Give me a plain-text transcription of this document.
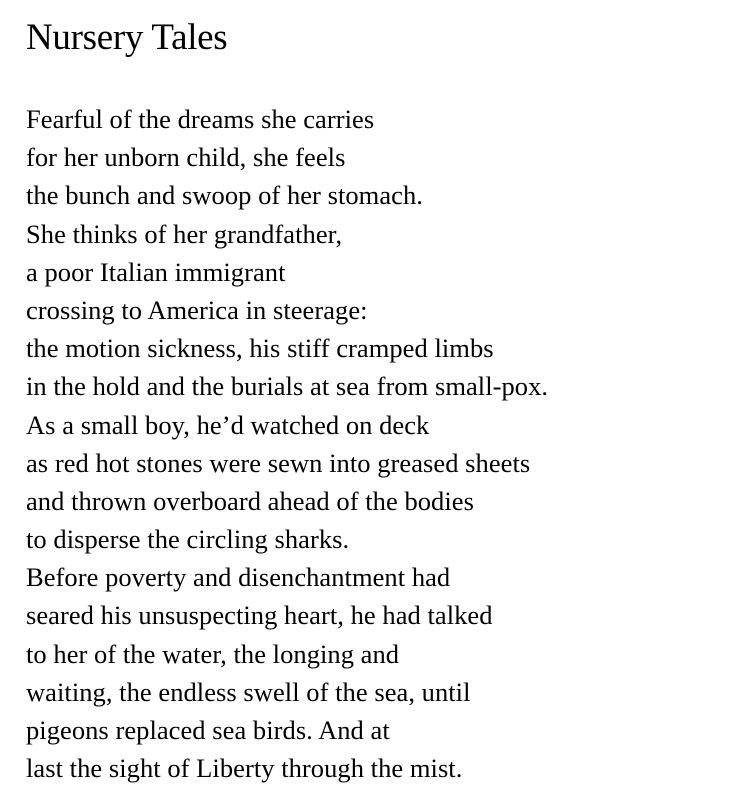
Nursery Tales
Fearful of the dreams she carries
for her unborn child, she feels
the bunch and swoop of her stomach.
She thinks of her grandfather,
a poor Italian immigrant
crossing to America in steerage:
the motion sickness, his stiff cramped limbs
in the hold and the burials at sea from small-pox.
As a small boy, he’d watched on deck
as red hot stones were sewn into greased sheets
and thrown overboard ahead of the bodies
to disperse the circling sharks.
Before poverty and disenchantment had
seared his unsuspecting heart, he had talked
to her of the water, the longing and
waiting, the endless swell of the sea, until
pigeons replaced sea birds. And at
last the sight of Liberty through the mist.
